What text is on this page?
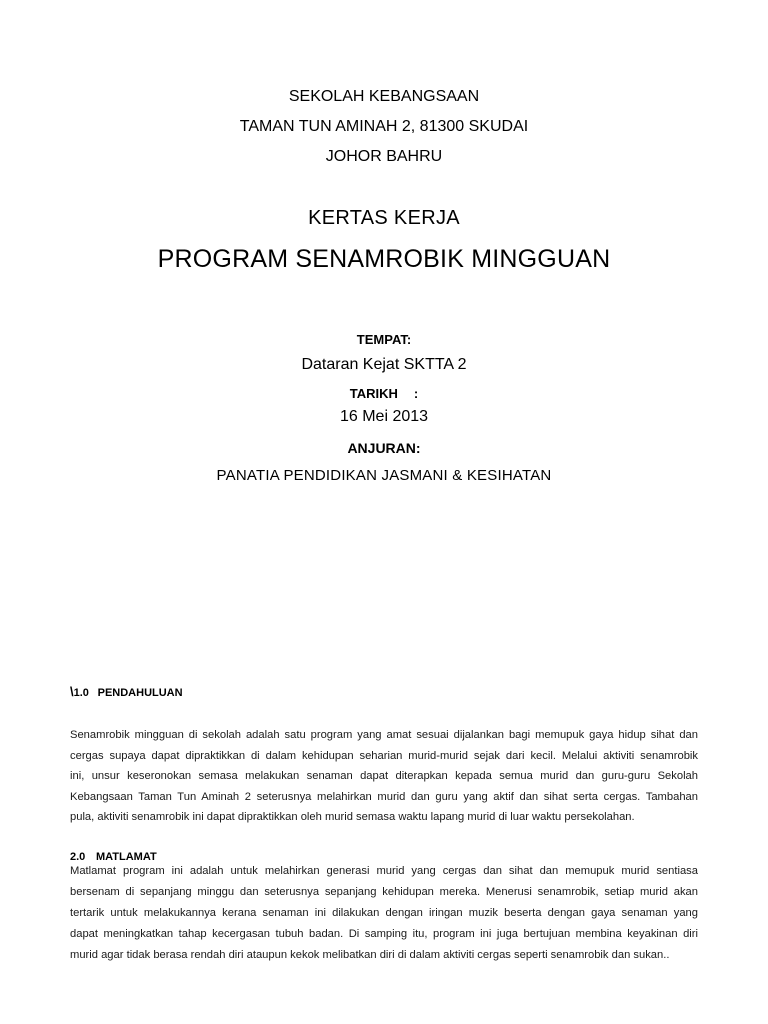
SEKOLAH KEBANGSAAN
TAMAN TUN AMINAH 2, 81300 SKUDAI
JOHOR BAHRU
KERTAS KERJA
PROGRAM SENAMROBIK MINGGUAN
TEMPAT:
Dataran Kejat SKTTA 2
TARIKH :
16 Mei 2013
ANJURAN:
PANATIA PENDIDIKAN JASMANI & KESIHATAN
\1.0 PENDAHULUAN
Senamrobik mingguan di sekolah adalah satu program yang amat sesuai dijalankan bagi memupuk gaya hidup sihat dan
cergas supaya dapat dipraktikkan di dalam kehidupan seharian murid-murid sejak dari kecil. Melalui aktiviti senamrobik
ini, unsur keseronokan semasa melakukan senaman dapat diterapkan kepada semua murid dan guru-guru Sekolah
Kebangsaan Taman Tun Aminah 2 seterusnya melahirkan murid dan guru yang aktif dan sihat serta cergas. Tambahan
pula, aktiviti senamrobik ini dapat dipraktikkan oleh murid semasa waktu lapang murid di luar waktu persekolahan.
2.0 MATLAMAT
Matlamat program ini adalah untuk melahirkan generasi murid yang cergas dan sihat dan memupuk murid sentiasa
bersenam di sepanjang minggu dan seterusnya sepanjang kehidupan mereka. Menerusi senamrobik, setiap murid akan
tertarik untuk melakukannya kerana senaman ini dilakukan dengan iringan muzik beserta dengan gaya senaman yang
dapat meningkatkan tahap kecergasan tubuh badan. Di samping itu, program ini juga bertujuan membina keyakinan diri
murid agar tidak berasa rendah diri ataupun kekok melibatkan diri di dalam aktiviti cergas seperti senamrobik dan sukan..
